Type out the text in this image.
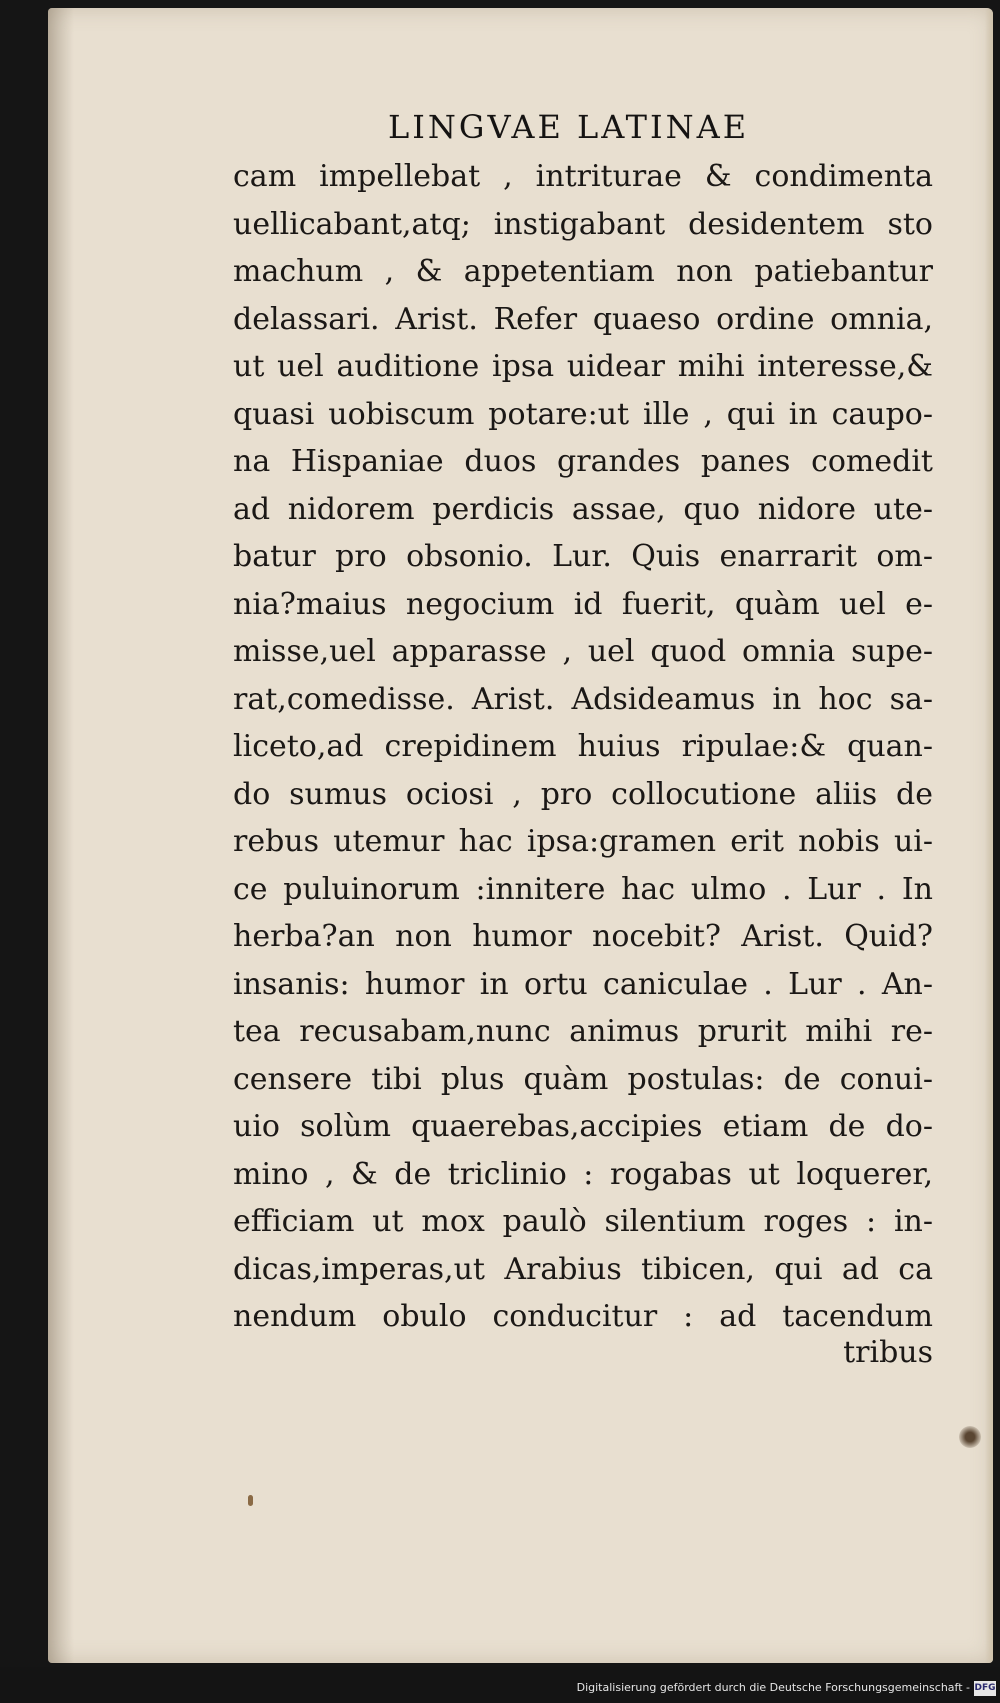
LINGVAE LATINAE
cam impellebat , intriturae & condimenta
uellicabant,atq; instigabant desidentem sto
machum , & appetentiam non patiebantur
delassari. Arist. Refer quaeso ordine omnia,
ut uel auditione ipsa uidear mihi interesse,&
quasi uobiscum potare:ut ille , qui in caupo-
na Hispaniae duos grandes panes comedit
ad nidorem perdicis assae, quo nidore ute-
batur pro obsonio. Lur. Quis enarrarit om-
nia?maius negocium id fuerit, quàm uel e-
misse,uel apparasse , uel quod omnia supe-
rat,comedisse. Arist. Adsideamus in hoc sa-
liceto,ad crepidinem huius ripulae:& quan-
do sumus ociosi , pro collocutione aliis de
rebus utemur hac ipsa:gramen erit nobis ui-
ce puluinorum :innitere hac ulmo . Lur . In
herba?an non humor nocebit? Arist. Quid?
insanis: humor in ortu caniculae . Lur . An-
tea recusabam,nunc animus prurit mihi re-
censere tibi plus quàm postulas: de conui-
uio solùm quaerebas,accipies etiam de do-
mino , & de triclinio : rogabas ut loquerer,
efficiam ut mox paulò silentium roges : in-
dicas,imperas,ut Arabius tibicen, qui ad ca
nendum obulo conducitur : ad tacendum
tribus
Digitalisierung gefördert durch die Deutsche Forschungsgemeinschaft - DFG
